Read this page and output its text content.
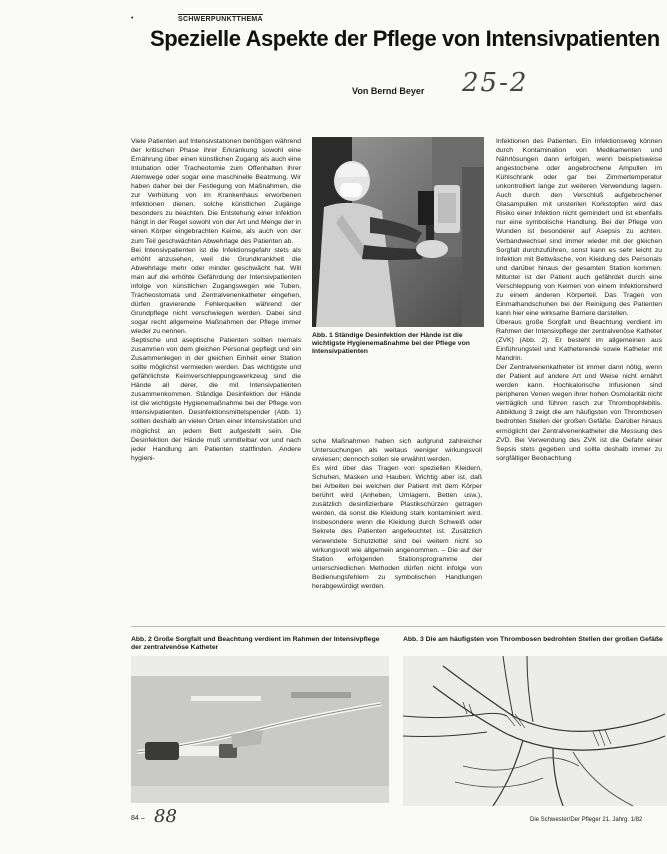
•	SCHWERPUNKTTHEMA
Spezielle Aspekte der Pflege von Intensivpatienten
25-2
Von Bernd Beyer

Viele Patienten auf Intensivstationen benötigen während der kritischen Phase ihrer Erkrankung sowohl eine Ernährung über einen künstlichen Zugang als auch eine Intubation oder Tracheotomie zum Offenhalten ihrer Atemwege oder sogar eine maschinelle Beatmung. Wir haben daher bei der Festlegung von Maßnahmen, die zur Verhütung von im Krankenhaus erworbenen Infektionen dienen, solche künstlichen Zugänge besonders zu beachten. Die Entstehung einer Infektion hängt in der Regel sowohl von der Art und Menge der in einen Körper eingebrachten Keime, als auch von der zum Teil geschwächten Abwehrlage des Patienten ab.

Bei Intensivpatienten ist die Infektionsgefahr stets als erhöht anzusehen, weil die Grundkrankheit die Abwehrlage mehr oder minder geschwächt hat. Will man auf die erhöhte Gefährdung der Intensivpatienten infolge von künstlichen Zugangswegen wie Tuben, Tracheostomata und Zentralvenenkatheter eingehen, dürfen gravierende Fehlerquellen während der Grundpflege nicht verschwiegen werden. Dabei sind sogar recht allgemeine Maßnahmen der Pflege immer wieder zu nennen.

Septische und aseptische Patienten sollten niemals zusammen von dem gleichen Personal gepflegt und ein Zusammenlegen in der gleichen Einheit einer Station sollte möglichst vermieden werden. Das wichtigste und gefährlichste Keimverschleppungswerkzeug sind die Hände all derer, die mit Intensivpatienten zusammenkommen. Ständige Desinfektion der Hände ist die wichtigste Hygienemaßnahme bei der Pflege von Intensivpatienten. Desinfektionsmittelspender (Abb. 1) sollten deshalb an vielen Orten einer Intensivstation und möglichst an jedem Bett aufgestellt sein. Die Desinfektion der Hände muß unmittelbar vor und nach jeder Handlung am Patienten stattfinden. Andere hygieni-

Abb. 1 Ständige Desinfektion der Hände ist die wichtigste Hygienemaßnahme bei der Pflege von Intensivpatienten

sche Maßnahmen haben sich aufgrund zahlreicher Untersuchungen als weitaus weniger wirkungsvoll erwiesen; dennoch sollen sie erwähnt werden.

Es wird über das Tragen von speziellen Kleidern, Schuhen, Masken und Hauben. Wichtig aber ist, daß bei Arbeiten bei welchen der Patient mit dem Körper berührt wird (Anheben, Umlagern, Betten usw.), zusätzlich desinfizierbare Plastikschürzen getragen werden, da sonst die Kleidung stark kontaminiert wird. Insbesondere wenn die Kleidung durch Schweiß oder Sekrete des Patienten angefeuchtet ist. Zusätzlich verwendete Schutzkittel sind bei weitem nicht so wirkungsvoll wie allgemein angenommen. – Die auf der Station erfolgenden Stationsprogramme der unterschiedlichen Methoden dürfen nicht infolge von Bedienungsfehlern zu symbolischen Handlungen herabgewürdigt werden.

Infektionen des Patienten. Ein Infektionsweg können durch Kontamination von Medikamenten und Nährlösungen dann erfolgen, wenn beispielsweise angestochene oder angebrochene Ampullen im Kühlschrank oder gar bei Zimmertemperatur unkontrolliert lange zur weiteren Verwendung lagern. Auch durch den Verschluß aufgebrochener Glasampullen mit unsterilen Korkstopfen wird das Risiko einer Infektion nicht gemindert und ist ebenfalls nur eine symbolische Handlung. Bei der Pflege von Wunden ist besonderer auf Asepsis zu achten. Verbandwechsel sind immer wieder mit der gleichen Sorgfalt durchzuführen, sonst kann es sehr leicht zu Infektion mit Bettwäsche, von Kleidung des Personals und darüber hinaus der gesamten Station kommen. Mitunter ist der Patient auch gefährdet durch eine Verschleppung von Keimen von einem Infektionsherd zu einem anderen Körperteil. Das Tragen von Einmalhandschuhen bei der Reinigung des Patienten kann hier eine wirksame Barriere darstellen.

Überaus große Sorgfalt und Beachtung verdient im Rahmen der Intensivpflege der zentralvenöse Katheter (ZVK) (Abb. 2). Er besteht im allgemeinen aus Einführungsteil und Katheterende sowie Katheter mit Mandrin.

Der Zentralvenenkatheter ist immer dann nötig, wenn der Patient auf andere Art und Weise nicht ernährt werden kann. Hochkalorische Infusionen sind peripheren Venen wegen ihrer hohen Osmolarität nicht verträglich und führen rasch zur Thrombophlebitis. Abbildung 3 zeigt die am häufigsten von Thrombosen bedrohten Stellen der großen Gefäße. Darüber hinaus ermöglicht der Zentralvenenkatheter die Messung des ZVD. Bei Verwendung des ZVK ist die Gefahr einer Sepsis stets gegeben und sollte deshalb immer zu sorgfältiger Beobachtung

Abb. 2 Große Sorgfalt und Beachtung verdient im Rahmen der Intensivpflege der zentralvenöse Katheter
Abb. 3 Die am häufigsten von Thrombosen bedrohten Stellen der großen Gefäße
84 – 88	Die Schwester/Der Pfleger 21. Jahrg. 1/82
